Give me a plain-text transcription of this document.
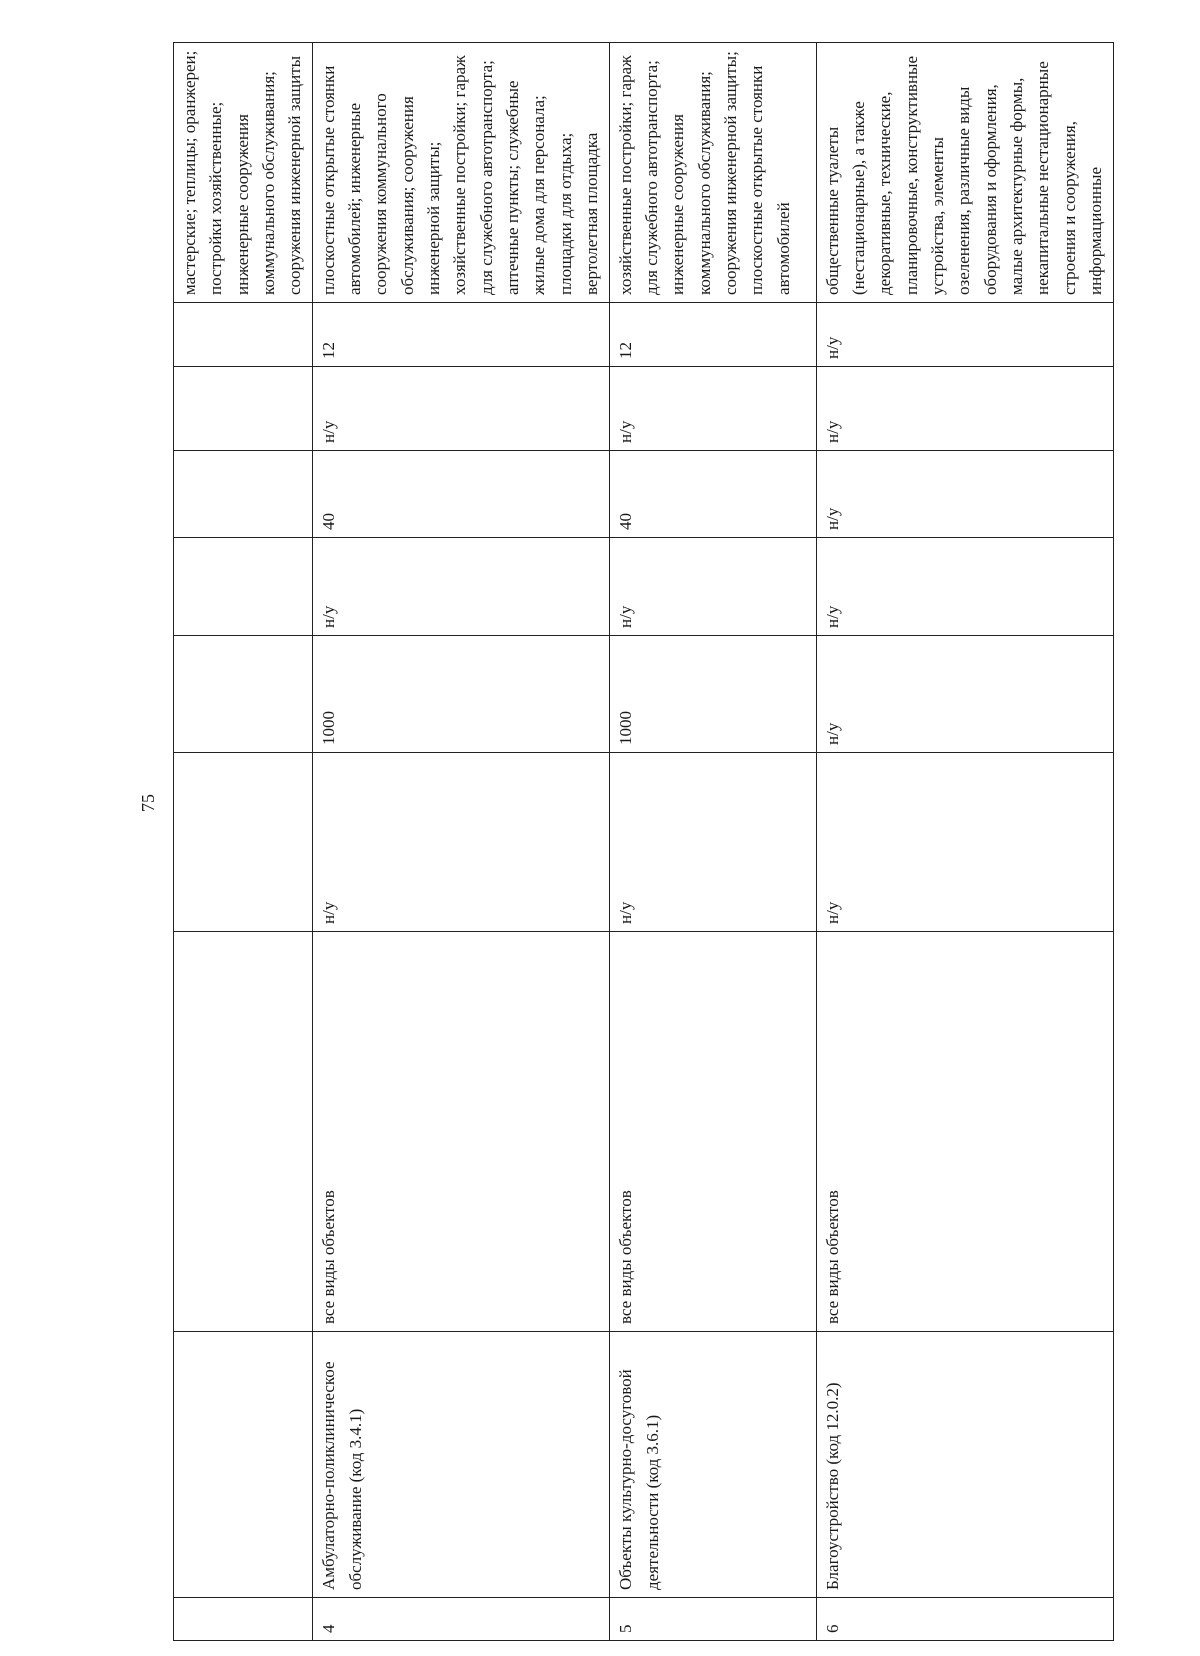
75
									мастерские; теплицы; оранжереи; постройки хозяйственные; инженерные сооружения коммунального обслуживания; сооружения инженерной защиты
4	Амбулаторно-поликлиническое обслуживание (код 3.4.1)	все виды объектов	н/у	1000	н/у	40	н/у	12	плоскостные открытые стоянки автомобилей; инженерные сооружения коммунального обслуживания; сооружения инженерной защиты; хозяйственные постройки; гараж для служебного автотранспорта; аптечные пункты; служебные жилые дома для персонала; площадки для отдыха; вертолетная площадка
5	Объекты культурно-досуговой деятельности (код 3.6.1)	все виды объектов	н/у	1000	н/у	40	н/у	12	хозяйственные постройки; гараж для служебного автотранспорта; инженерные сооружения коммунального обслуживания; сооружения инженерной защиты; плоскостные открытые стоянки автомобилей
6	Благоустройство (код 12.0.2)	все виды объектов	н/у	н/у	н/у	н/у	н/у	н/у	общественные туалеты (нестационарные), а также декоративные, технические, планировочные, конструктивные устройства, элементы озеленения, различные виды оборудования и оформления, малые архитектурные формы, некапитальные нестационарные строения и сооружения, информационные
